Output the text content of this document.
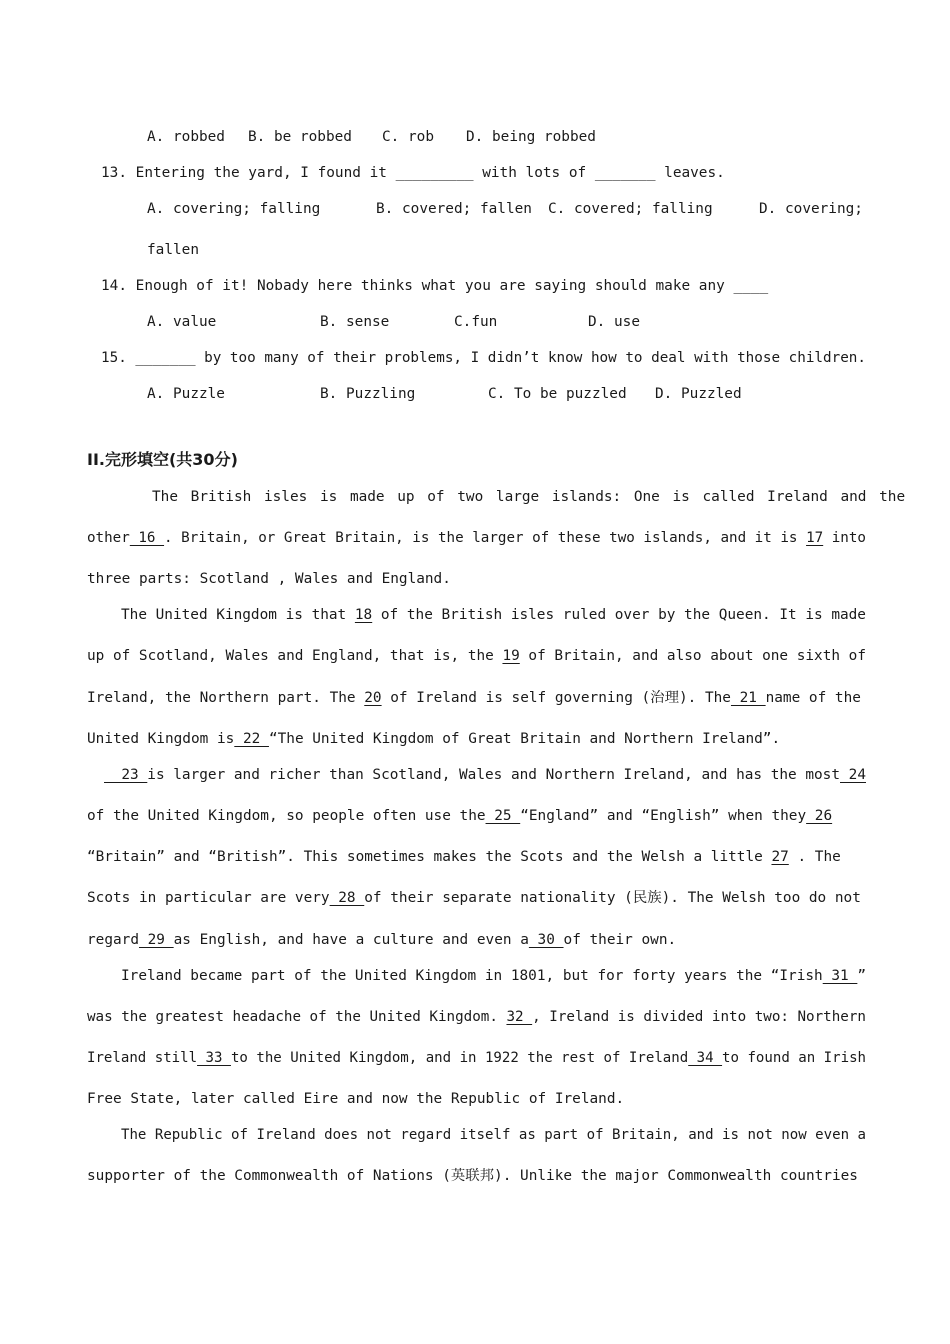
A. robbed B. be robbed C. rob D. being robbed
13. Entering the yard, I found it _________ with lots of _______ leaves.
A. covering; falling	B. covered; fallen C. covered; falling	D. covering;
fallen
14. Enough of it! Nobady here thinks what you are saying should make any ____
A. value	B. sense	C.fun	D. use
15. _______ by too many of their problems, I didn’t know how to deal with those children.
A. Puzzle	B. Puzzling	C. To be puzzled D. Puzzled
II.完形填空(共30分)
The British isles is made up of two large islands: One is called Ireland and the
other 16 . Britain, or Great Britain, is the larger of these two islands, and it is 17 into
three parts: Scotland , Wales and England.
The United Kingdom is that 18 of the British isles ruled over by the Queen. It is made
up of Scotland, Wales and England, that is, the 19 of Britain, and also about one sixth of
Ireland, the Northern part. The 20 of Ireland is self governing (治理). The 21 name of the
United Kingdom is 22 “The United Kingdom of Great Britain and Northern Ireland”.
23 is larger and richer than Scotland, Wales and Northern Ireland, and has the most 24
of the United Kingdom, so people often use the 25 “England” and “English” when they 26
“Britain” and “British”. This sometimes makes the Scots and the Welsh a little 27 . The
Scots in particular are very 28 of their separate nationality (民族). The Welsh too do not
regard 29 as English, and have a culture and even a 30 of their own.
Ireland became part of the United Kingdom in 1801, but for forty years the “Irish 31 ”
was the greatest headache of the United Kingdom. 32 , Ireland is divided into two: Northern
Ireland still 33 to the United Kingdom, and in 1922 the rest of Ireland 34 to found an Irish
Free State, later called Eire and now the Republic of Ireland.
The Republic of Ireland does not regard itself as part of Britain, and is not now even a
supporter of the Commonwealth of Nations (英联邦). Unlike the major Commonwealth countries
